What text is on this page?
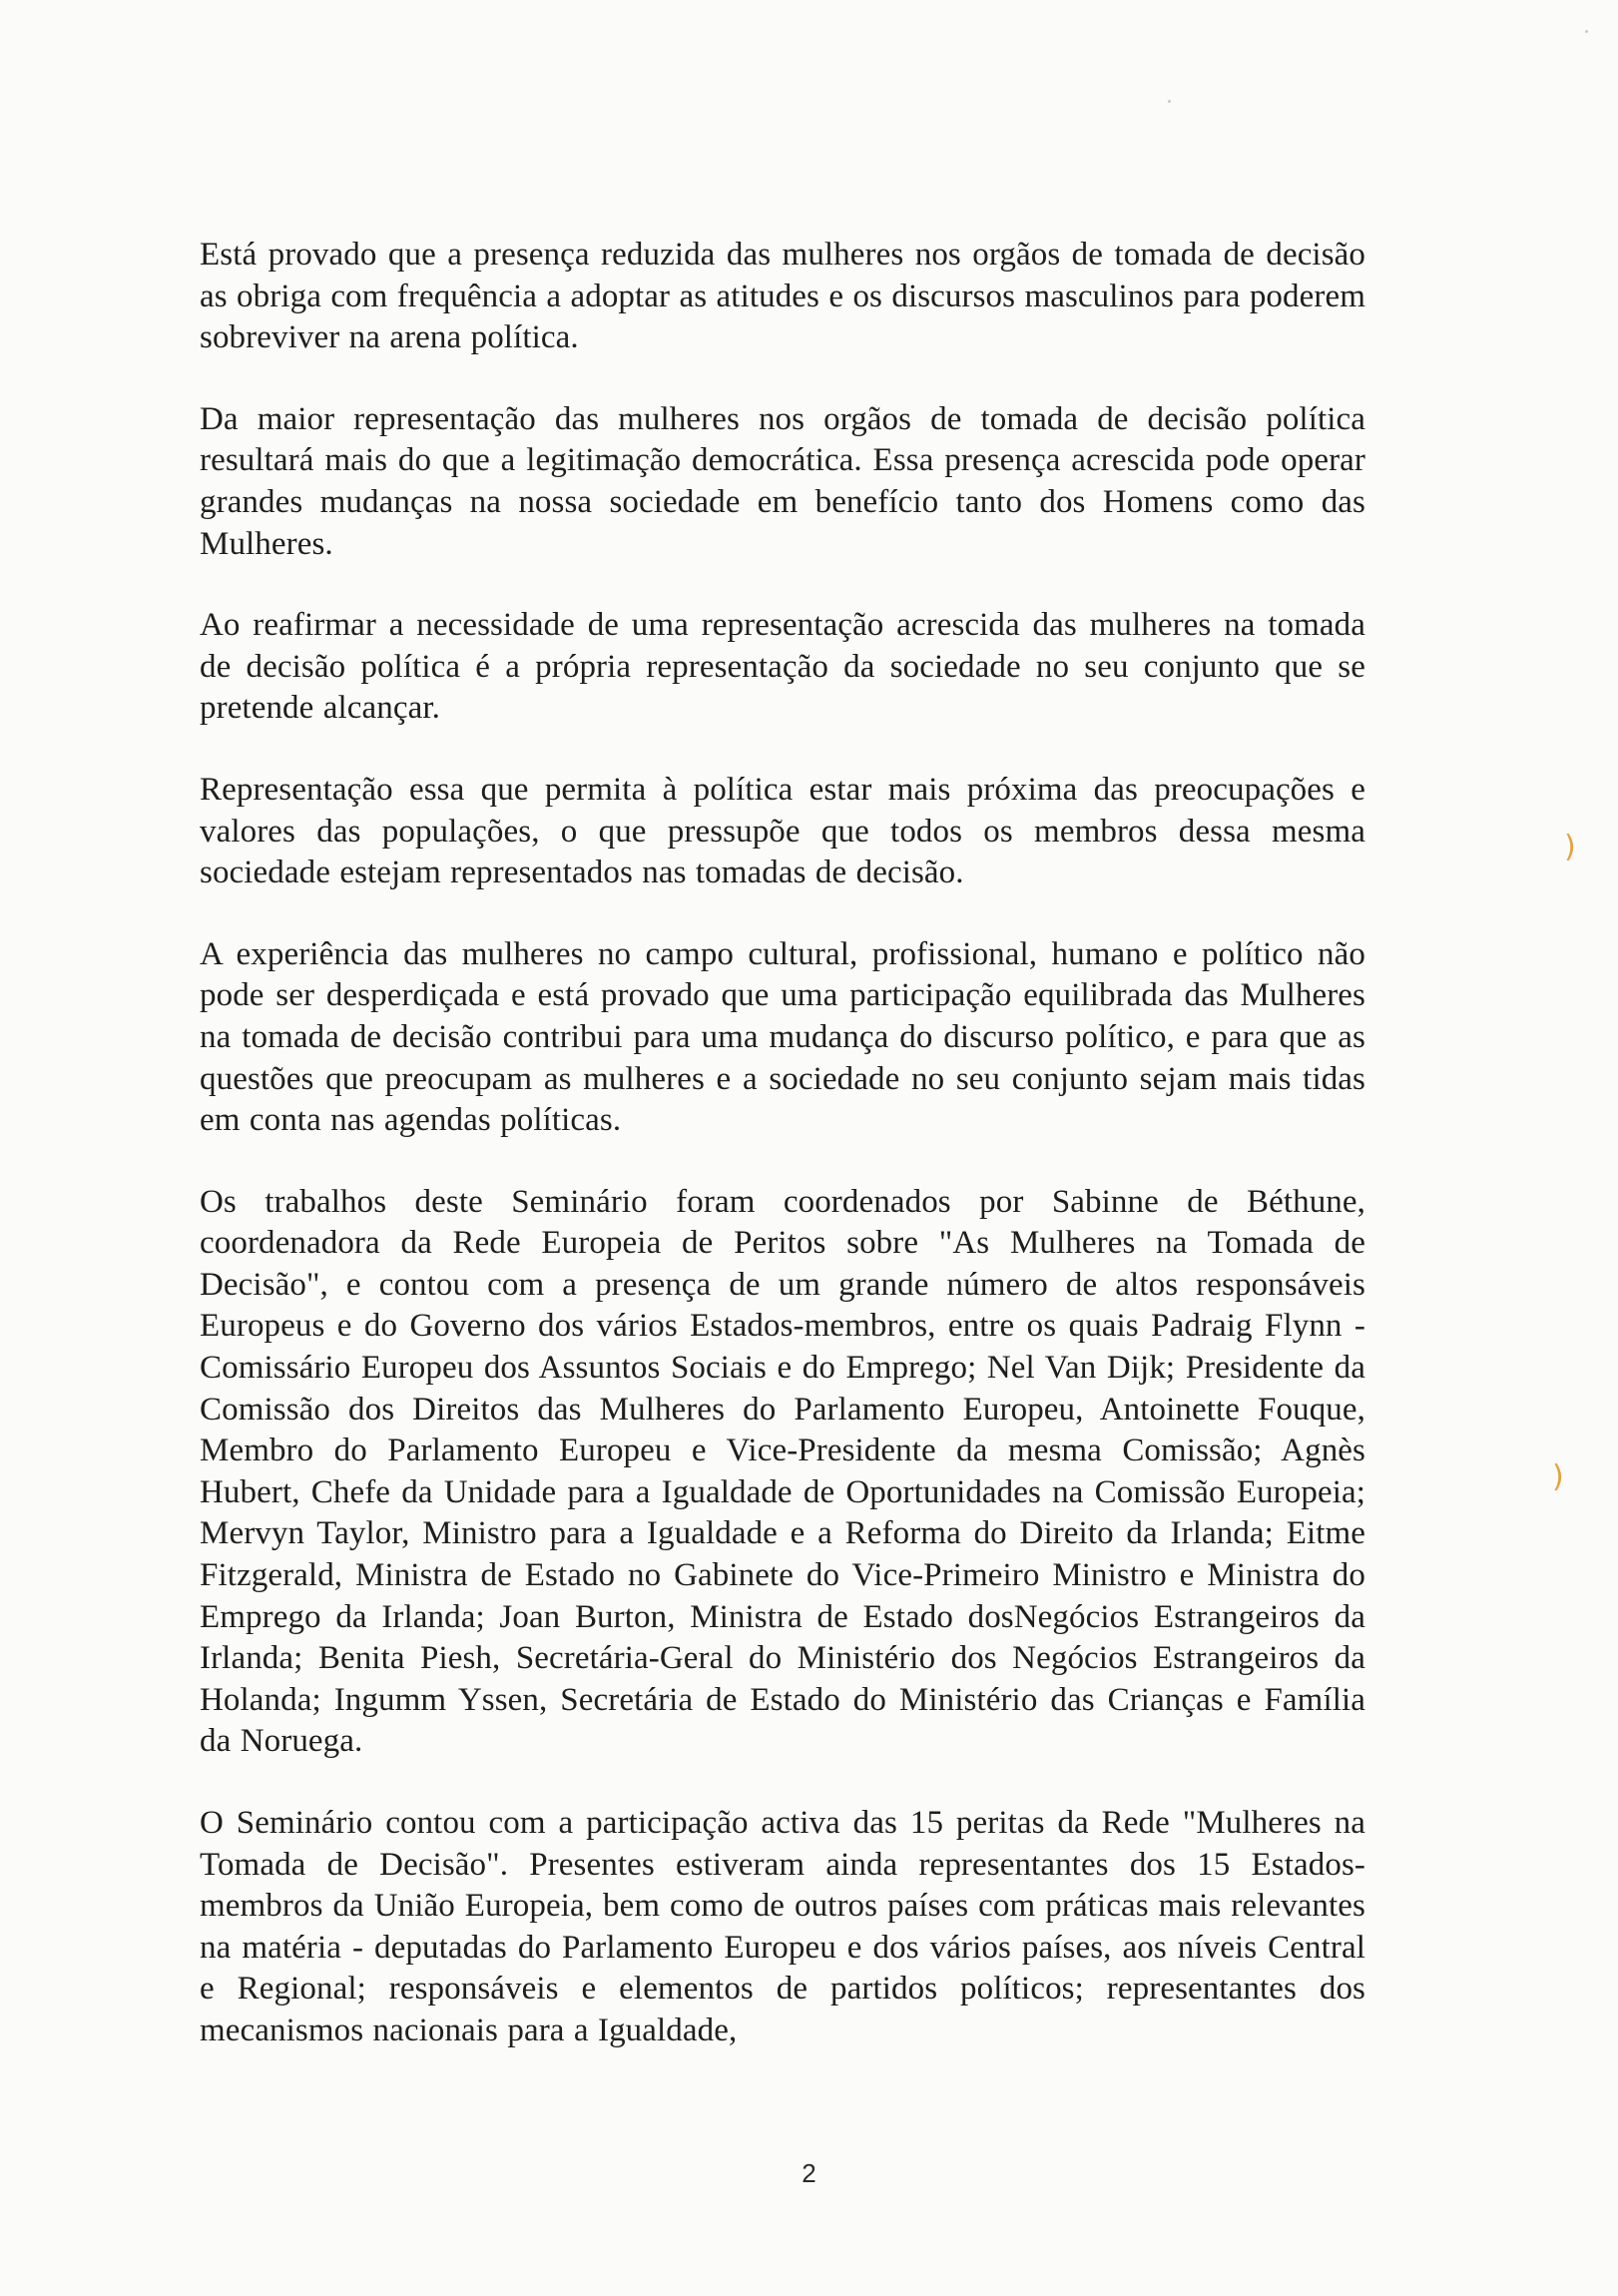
Está provado que a presença reduzida das mulheres nos orgãos de tomada de decisão as obriga com frequência a adoptar as atitudes e os discursos masculinos para poderem sobreviver na arena política.

Da maior representação das mulheres nos orgãos de tomada de decisão política resultará mais do que a legitimação democrática. Essa presença acrescida pode operar grandes mudanças na nossa sociedade em benefício tanto dos Homens como das Mulheres.

Ao reafirmar a necessidade de uma representação acrescida das mulheres na tomada de decisão política é a própria representação da sociedade no seu conjunto que se pretende alcançar.

Representação essa que permita à política estar mais próxima das preocupações e valores das populações, o que pressupõe que todos os membros dessa mesma sociedade estejam representados nas tomadas de decisão.

A experiência das mulheres no campo cultural, profissional, humano e político não pode ser desperdiçada e está provado que uma participação equilibrada das Mulheres na tomada de decisão contribui para uma mudança do discurso político, e para que as questões que preocupam as mulheres e a sociedade no seu conjunto sejam mais tidas em conta nas agendas políticas.

Os trabalhos deste Seminário foram coordenados por Sabinne de Béthune, coordenadora da Rede Europeia de Peritos sobre "As Mulheres na Tomada de Decisão", e contou com a presença de um grande número de altos responsáveis Europeus e do Governo dos vários Estados-membros, entre os quais Padraig Flynn - Comissário Europeu dos Assuntos Sociais e do Emprego; Nel Van Dijk; Presidente da Comissão dos Direitos das Mulheres do Parlamento Europeu, Antoinette Fouque, Membro do Parlamento Europeu e Vice-Presidente da mesma Comissão; Agnès Hubert, Chefe da Unidade para a Igualdade de Oportunidades na Comissão Europeia; Mervyn Taylor, Ministro para a Igualdade e a Reforma do Direito da Irlanda; Eitme Fitzgerald, Ministra de Estado no Gabinete do Vice-Primeiro Ministro e Ministra do Emprego da Irlanda; Joan Burton, Ministra de Estado dosNegócios Estrangeiros da Irlanda; Benita Piesh, Secretária-Geral do Ministério dos Negócios Estrangeiros da Holanda; Ingumm Yssen, Secretária de Estado do Ministério das Crianças e Família da Noruega.

O Seminário contou com a participação activa das 15 peritas da Rede "Mulheres na Tomada de Decisão". Presentes estiveram ainda representantes dos 15 Estados-membros da União Europeia, bem como de outros países com práticas mais relevantes na matéria - deputadas do Parlamento Europeu e dos vários países, aos níveis Central e Regional; responsáveis e elementos de partidos políticos; representantes dos mecanismos nacionais para a Igualdade,

2
)
)
